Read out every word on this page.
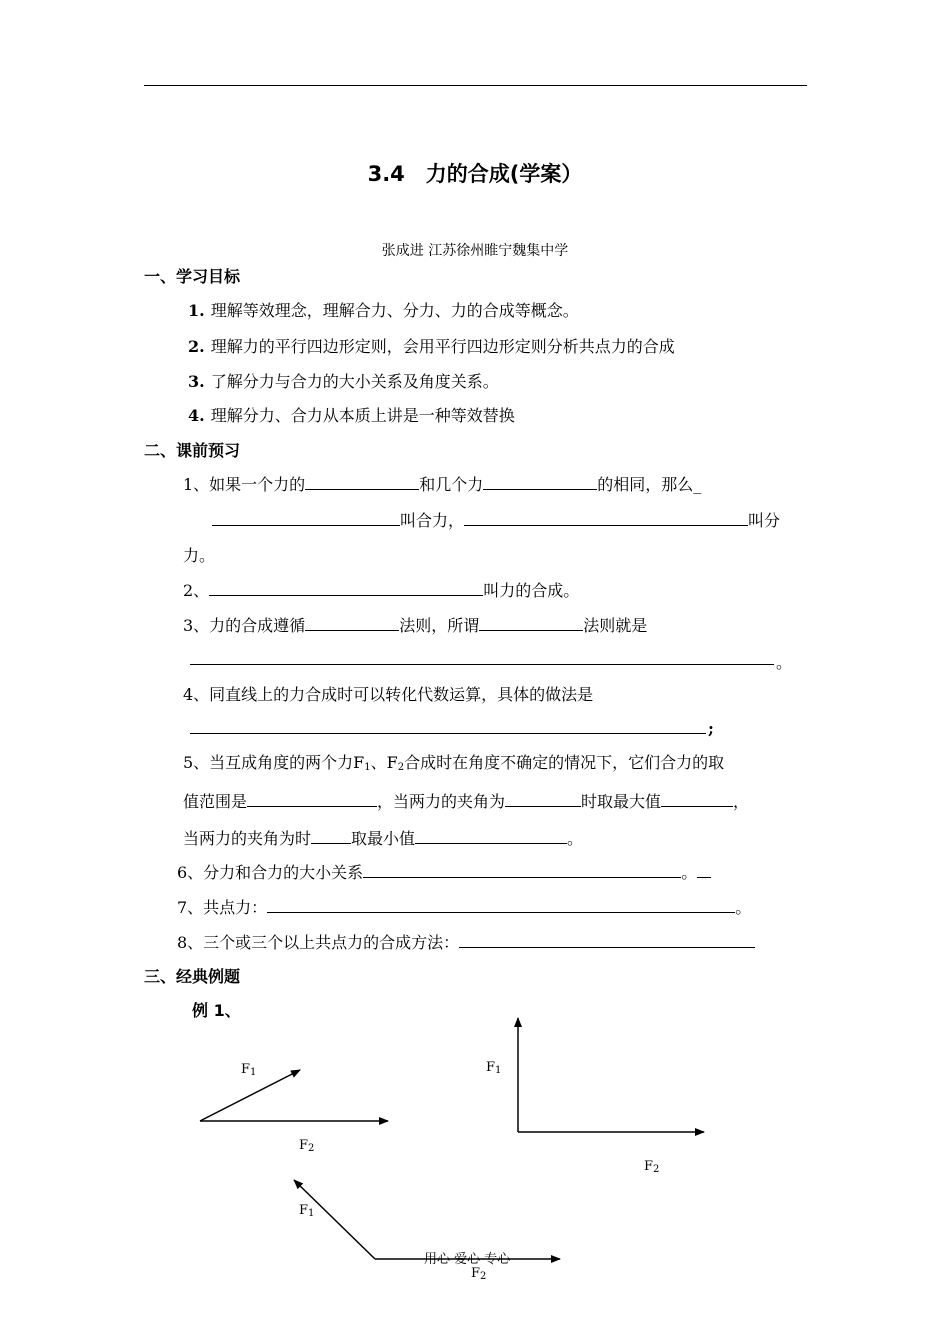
3.4　力的合成(学案）
张成进 江苏徐州睢宁魏集中学
一、学习目标
1. 理解等效理念，理解合力、分力、力的合成等概念。
2. 理解力的平行四边形定则，会用平行四边形定则分析共点力的合成
3. 了解分力与合力的大小关系及角度关系。
4. 理解分力、合力从本质上讲是一种等效替换
二、课前预习
1、如果一个力的	和几个力	的相同，那么_
叫合力，	叫分
力。
2、	叫力的合成。
3、力的合成遵循	法则，所谓	法则就是
。
4、同直线上的力合成时可以转化代数运算，具体的做法是
;
5、当互成角度的两个力$F_1$、$F_2$合成时在角度不确定的情况下，它们合力的取
值范围是	，当两力的夹角为	时取最大值	，
当两力的夹角为时	取最小值	。
6、分力和合力的大小关系	。
7、共点力：	。
8、三个或三个以上共点力的合成方法：
三、经典例题
例 1、
$F_1$
$F_2$
$F_1$
$F_2$
$F_1$
$F_2$
用心 爱心 专心
